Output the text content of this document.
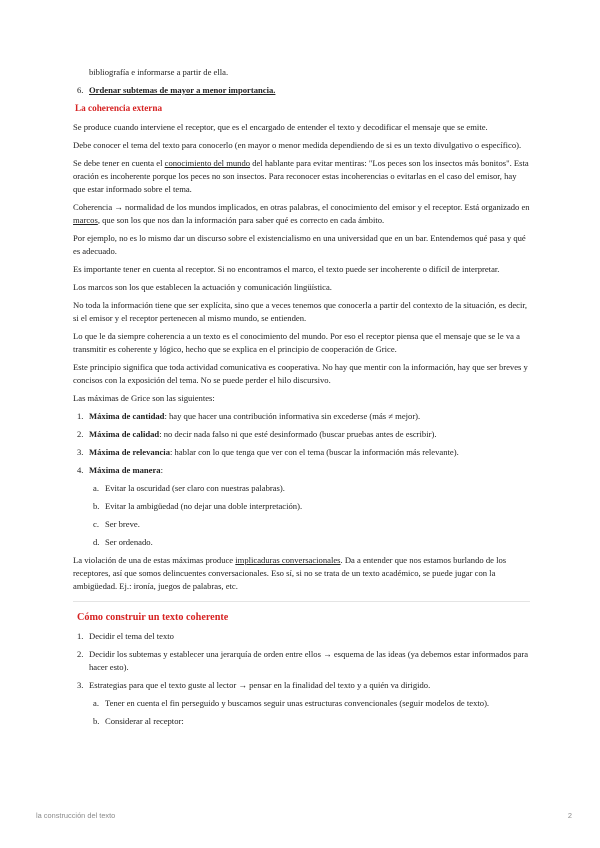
bibliografía e informarse a partir de ella.

6. Ordenar subtemas de mayor a menor importancia.
La coherencia externa

Se produce cuando interviene el receptor, que es el encargado de entender el texto y decodificar el mensaje que se emite.

Debe conocer el tema del texto para conocerlo (en mayor o menor medida dependiendo de si es un texto divulgativo o específico).

Se debe tener en cuenta el conocimiento del mundo del hablante para evitar mentiras: "Los peces son los insectos más bonitos". Esta oración es incoherente porque los peces no son insectos. Para reconocer estas incoherencias o evitarlas en el caso del emisor, hay que estar informado sobre el tema.

Coherencia → normalidad de los mundos implicados, en otras palabras, el conocimiento del emisor y el receptor. Está organizado en marcos, que son los que nos dan la información para saber qué es correcto en cada ámbito.

Por ejemplo, no es lo mismo dar un discurso sobre el existencialismo en una universidad que en un bar. Entendemos qué pasa y qué es adecuado.

Es importante tener en cuenta al receptor. Si no encontramos el marco, el texto puede ser incoherente o difícil de interpretar.

Los marcos son los que establecen la actuación y comunicación lingüística.

No toda la información tiene que ser explícita, sino que a veces tenemos que conocerla a partir del contexto de la situación, es decir, si el emisor y el receptor pertenecen al mismo mundo, se entienden.

Lo que le da siempre coherencia a un texto es el conocimiento del mundo. Por eso el receptor piensa que el mensaje que se le va a transmitir es coherente y lógico, hecho que se explica en el principio de cooperación de Grice.

Este principio significa que toda actividad comunicativa es cooperativa. No hay que mentir con la información, hay que ser breves y concisos con la exposición del tema. No se puede perder el hilo discursivo.

Las máximas de Grice son las siguientes:

1. Máxima de cantidad: hay que hacer una contribución informativa sin excederse (más ≠ mejor).
2. Máxima de calidad: no decir nada falso ni que esté desinformado (buscar pruebas antes de escribir).
3. Máxima de relevancia: hablar con lo que tenga que ver con el tema (buscar la información más relevante).
4. Máxima de manera:
a. Evitar la oscuridad (ser claro con nuestras palabras).
b. Evitar la ambigüedad (no dejar una doble interpretación).
c. Ser breve.
d. Ser ordenado.

La violación de una de estas máximas produce implicaduras conversacionales. Da a entender que nos estamos burlando de los receptores, así que somos delincuentes conversacionales. Eso sí, si no se trata de un texto académico, se puede jugar con la ambigüedad. Ej.: ironía, juegos de palabras, etc.

Cómo construir un texto coherente
1. Decidir el tema del texto
2. Decidir los subtemas y establecer una jerarquía de orden entre ellos → esquema de las ideas (ya debemos estar informados para hacer esto).
3. Estrategias para que el texto guste al lector → pensar en la finalidad del texto y a quién va dirigido.
a. Tener en cuenta el fin perseguido y buscamos seguir unas estructuras convencionales (seguir modelos de texto).
b. Considerar al receptor:
la construcción del texto	2
